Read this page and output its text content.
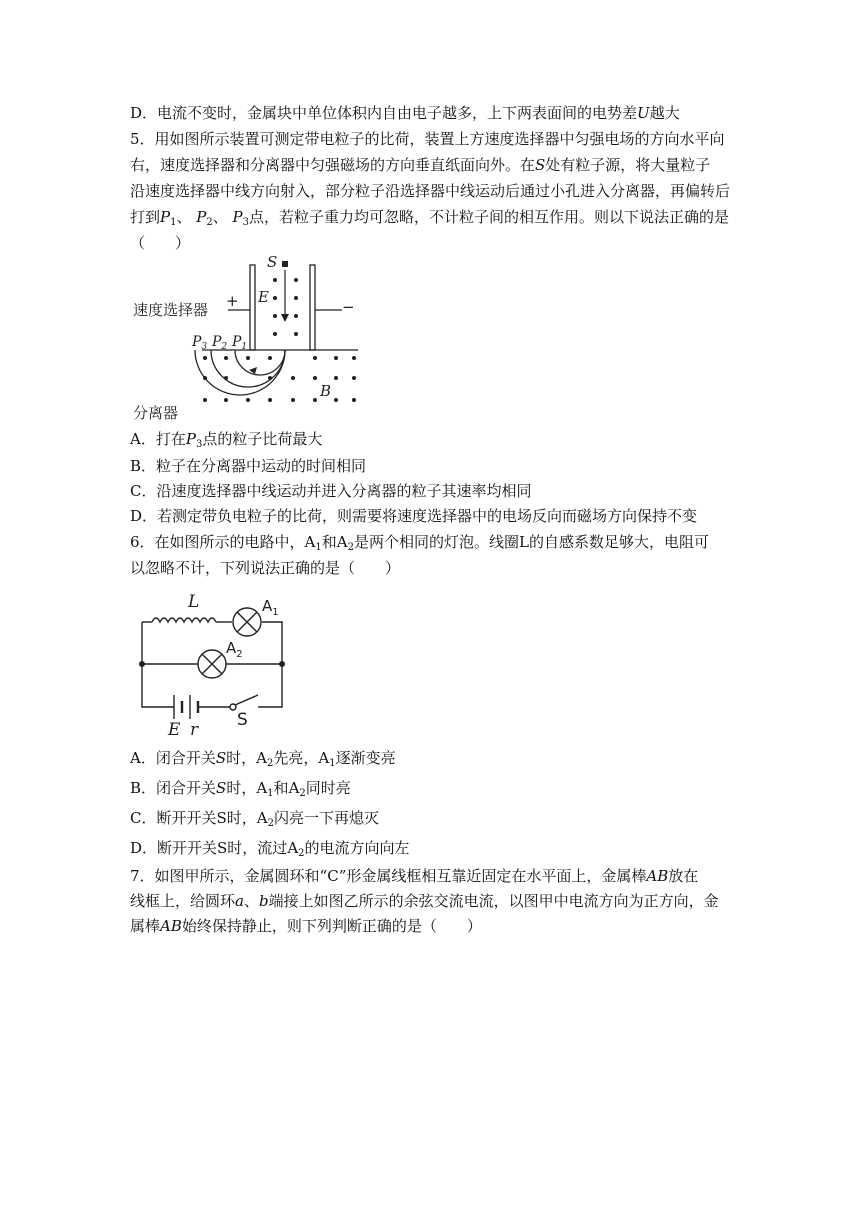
D．电流不变时，金属块中单位体积内自由电子越多，上下两表面间的电势差U越大
5．用如图所示装置可测定带电粒子的比荷，装置上方速度选择器中匀强电场的方向水平向
右，速度选择器和分离器中匀强磁场的方向垂直纸面向外。在S处有粒子源，将大量粒子
沿速度选择器中线方向射入，部分粒子沿选择器中线运动后通过小孔进入分离器，再偏转后
打到$P_1$、 $P_2$、 $P_3$点，若粒子重力均可忽略，不计粒子间的相互作用。则以下说法正确的是
（　　）
+	−
速度选择器
S
E
$P_3$ $P_2$ $P_1$
B
分离器
A．打在$P_3$点的粒子比荷最大
B．粒子在分离器中运动的时间相同
C．沿速度选择器中线运动并进入分离器的粒子其速率均相同
D．若测定带负电粒子的比荷，则需要将速度选择器中的电场反向而磁场方向保持不变
6．在如图所示的电路中，$A_1$和$A_2$是两个相同的灯泡。线圈L的自感系数足够大，电阻可
以忽略不计，下列说法正确的是（　　）
L	$A_1$
$A_2$
E r S
A．闭合开关S时，$A_2$先亮，$A_1$逐渐变亮
B．闭合开关S时，$A_1$和$A_2$同时亮
C．断开开关S时，$A_2$闪亮一下再熄灭
D．断开开关S时，流过$A_2$的电流方向向左
7．如图甲所示，金属圆环和“C”形金属线框相互靠近固定在水平面上，金属棒AB放在
线框上，给圆环a、b端接上如图乙所示的余弦交流电流，以图甲中电流方向为正方向，金
属棒AB始终保持静止，则下列判断正确的是（　　）
